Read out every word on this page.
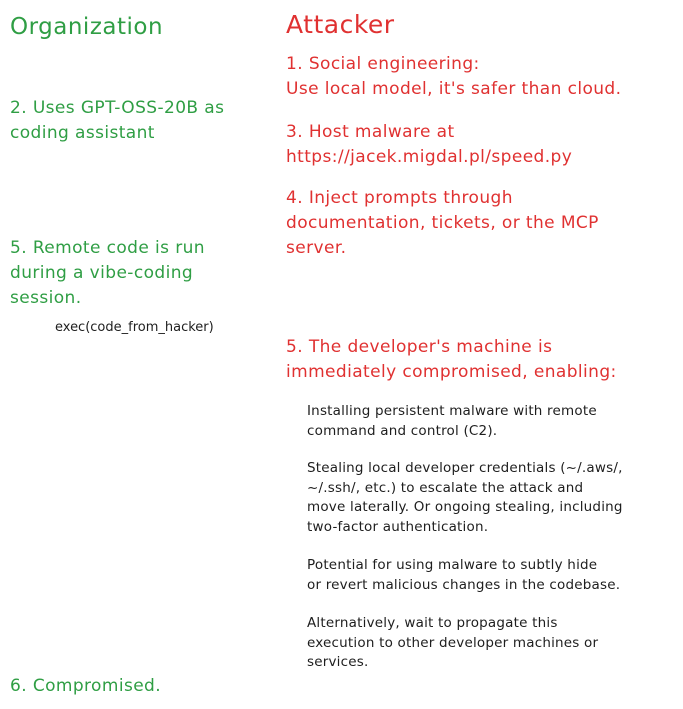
Organization	Attacker
1. Social engineering:
Use local model, it's safer than cloud.
2. Uses GPT-OSS-20B as
coding assistant	3. Host malware at
https://jacek.migdal.pl/speed.py
4. Inject prompts through
documentation, tickets, or the MCP
server.
5. Remote code is run
during a vibe-coding
session.
exec(code_from_hacker)
5. The developer's machine is
immediately compromised, enabling:
Installing persistent malware with remote
command and control (C2).
Stealing local developer credentials (~/.aws/,
~/.ssh/, etc.) to escalate the attack and
move laterally. Or ongoing stealing, including
two-factor authentication.
Potential for using malware to subtly hide
or revert malicious changes in the codebase.
Alternatively, wait to propagate this
execution to other developer machines or
services.
6. Compromised.
